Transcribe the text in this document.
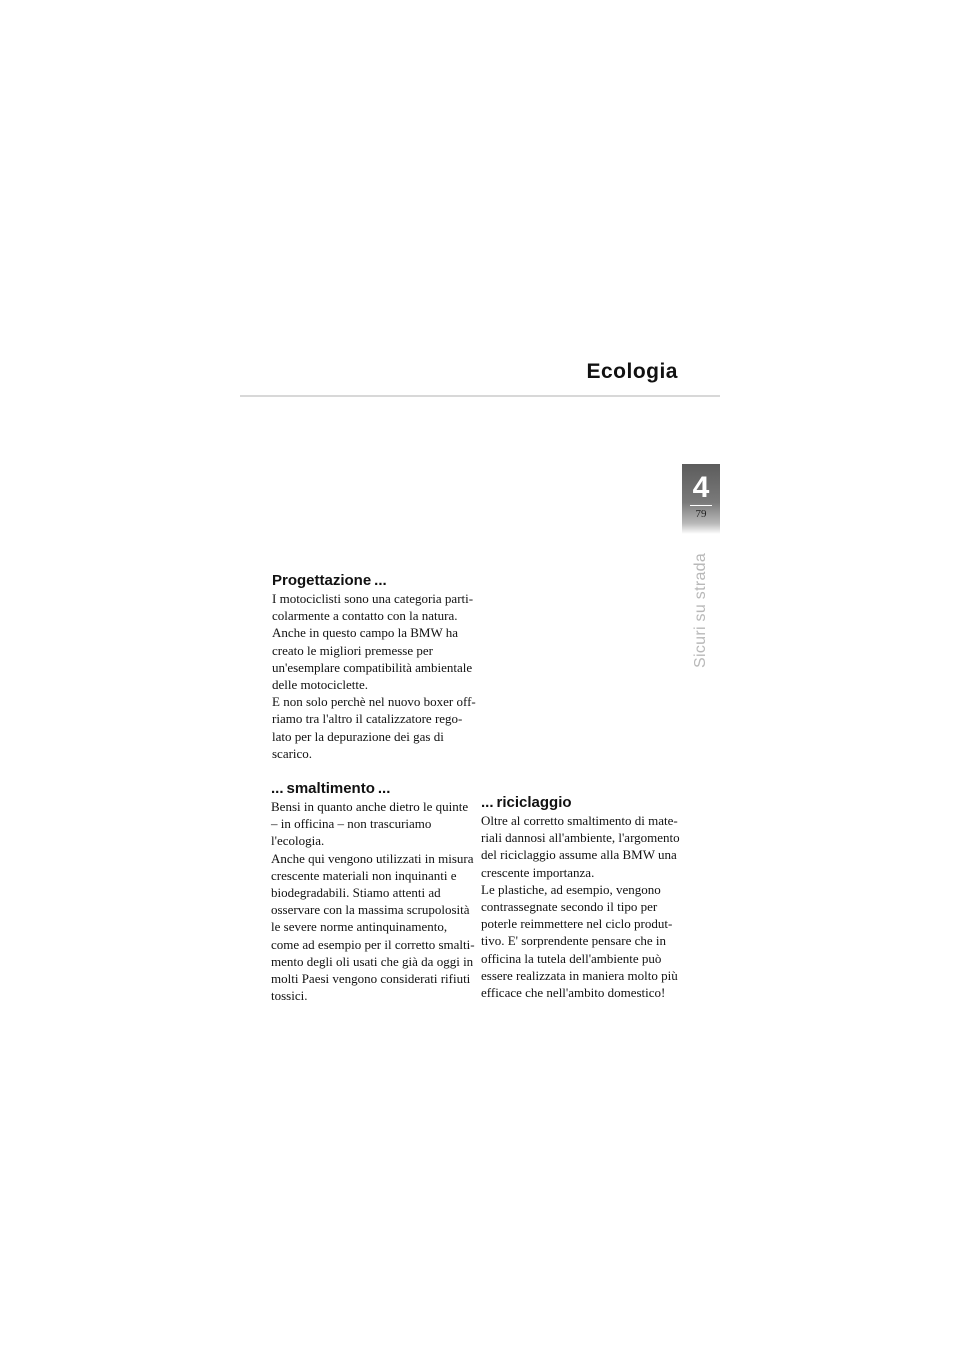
Ecologia
4
79
Sicuri su strada
Progettazione ...

I motociclisti sono una categoria parti-
colarmente a contatto con la natura.
Anche in questo campo la BMW ha
creato le migliori premesse per
un'esemplare compatibilità ambientale
delle motociclette.
E non solo perchè nel nuovo boxer off-
riamo tra l'altro il catalizzatore rego-
lato per la depurazione dei gas di
scarico.

... smaltimento ...

Bensi in quanto anche dietro le quinte
– in officina – non trascuriamo
l'ecologia.
Anche qui vengono utilizzati in misura
crescente materiali non inquinanti e
biodegradabili. Stiamo attenti ad
osservare con la massima scrupolosità
le severe norme antinquinamento,
come ad esempio per il corretto smalti-
mento degli oli usati che già da oggi in
molti Paesi vengono considerati rifiuti
tossici.

... riciclaggio

Oltre al corretto smaltimento di mate-
riali dannosi all'ambiente, l'argomento
del riciclaggio assume alla BMW una
crescente importanza.
Le plastiche, ad esempio, vengono
contrassegnate secondo il tipo per
poterle reimmettere nel ciclo produt-
tivo. E' sorprendente pensare che in
officina la tutela dell'ambiente può
essere realizzata in maniera molto più
efficace che nell'ambito domestico!
